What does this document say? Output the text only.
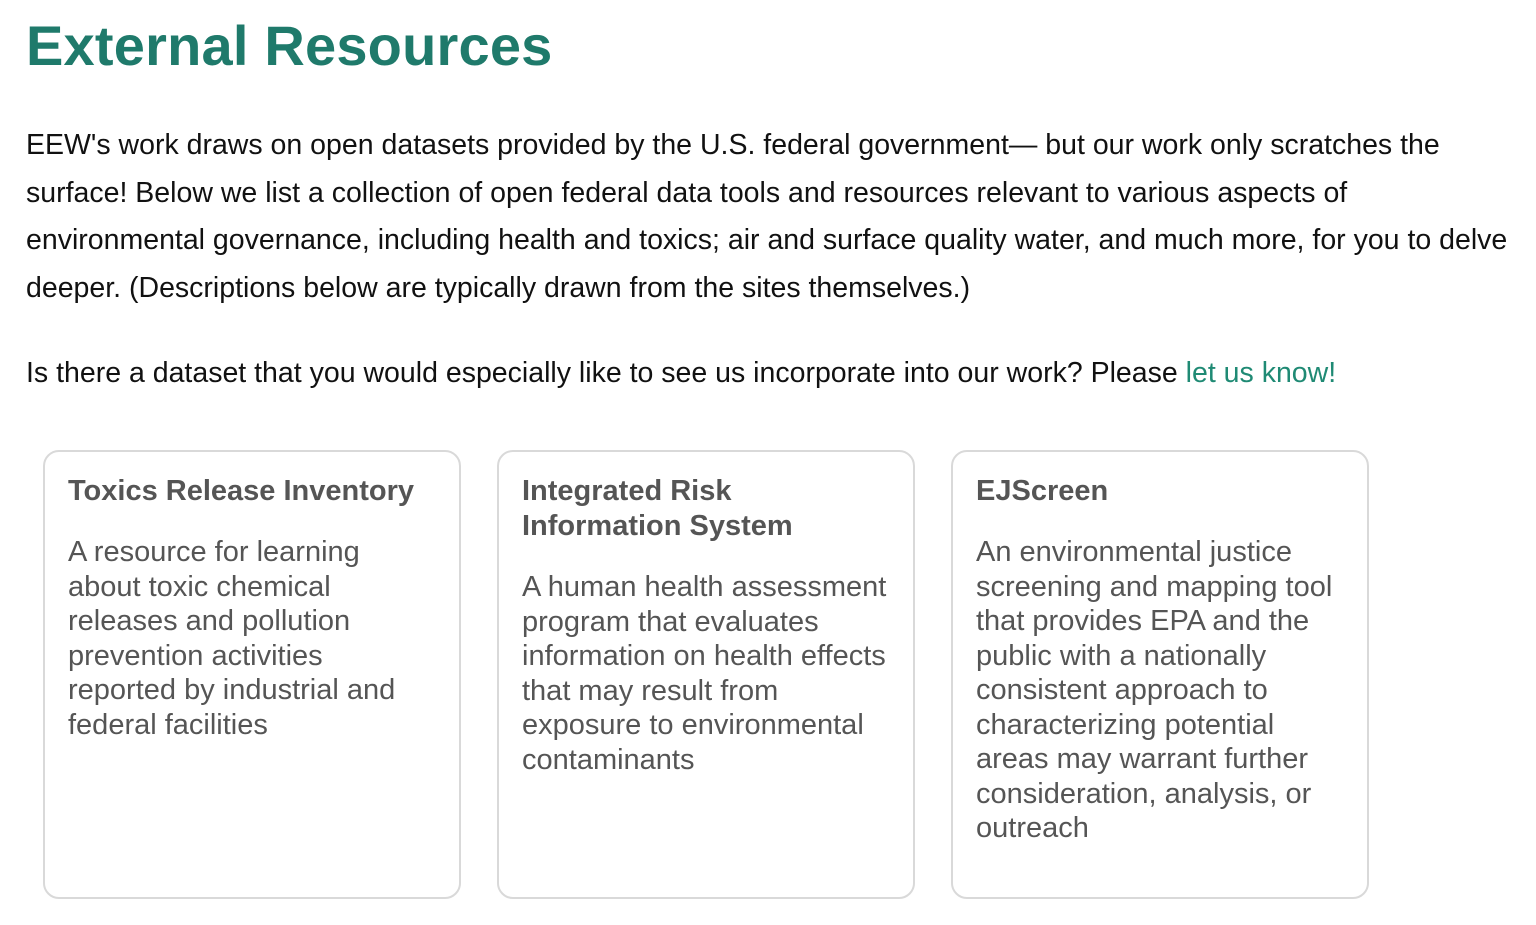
External Resources

EEW's work draws on open datasets provided by the U.S. federal government— but our work only scratches the surface! Below we list a collection of open federal data tools and resources relevant to various aspects of environmental governance, including health and toxics; air and surface quality water, and much more, for you to delve deeper. (Descriptions below are typically drawn from the sites themselves.)

Is there a dataset that you would especially like to see us incorporate into our work? Please let us know!

Toxics Release Inventory

A resource for learning about toxic chemical releases and pollution prevention activities reported by industrial and federal facilities

Integrated Risk Information System

A human health assessment program that evaluates information on health effects that may result from exposure to environmental contaminants

EJScreen

An environmental justice screening and mapping tool that provides EPA and the public with a nationally consistent approach to characterizing potential areas may warrant further consideration, analysis, or outreach
